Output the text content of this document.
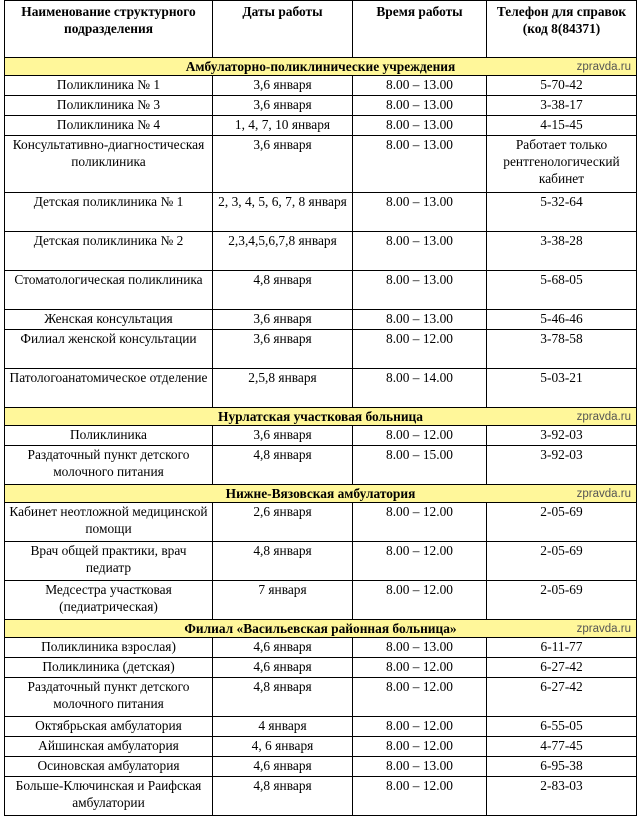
Наименование структурного подразделения	Даты работы	Время работы	Телефон для справок (код 8(84371)
Амбулаторно-поликлинические учреждения zpravda.ru			

Поликлиника № 1	3,6 января	8.00 – 13.00	5-70-42
Поликлиника № 3	3,6 января	8.00 – 13.00	3-38-17
Поликлиника № 4	1, 4, 7, 10 января	8.00 – 13.00	4-15-45
Консультативно-диагностическая поликлиника	3,6 января	8.00 – 13.00	Работает только рентгенологический кабинет
Детская поликлиника № 1	2, 3, 4, 5, 6, 7, 8 января	8.00 – 13.00	5-32-64
Детская поликлиника № 2	2,3,4,5,6,7,8 января	8.00 – 13.00	3-38-28
Стоматологическая поликлиника	4,8 января	8.00 – 13.00	5-68-05
Женская консультация	3,6 января	8.00 – 13.00	5-46-46
Филиал женской консультации	3,6 января	8.00 – 12.00	3-78-58
Патологоанатомическое отделение	2,5,8 января	8.00 – 14.00	5-03-21
Нурлатская участковая больница zpravda.ru			

Поликлиника	3,6 января	8.00 – 12.00	3-92-03
Раздаточный пункт детского молочного питания	4,8 января	8.00 – 15.00	3-92-03
Нижне-Вязовская амбулатория zpravda.ru			

Кабинет неотложной медицинской помощи	2,6 января	8.00 – 12.00	2-05-69
Врач общей практики, врач педиатр	4,8 января	8.00 – 12.00	2-05-69
Медсестра участковая (педиатрическая)	7 января	8.00 – 12.00	2-05-69
Филиал «Васильевская районная больница» zpravda.ru			

Поликлиника взрослая)	4,6 января	8.00 – 13.00	6-11-77
Поликлиника (детская)	4,6 января	8.00 – 12.00	6-27-42
Раздаточный пункт детского молочного питания	4,8 января	8.00 – 12.00	6-27-42
Октябрьская амбулатория	4 января	8.00 – 12.00	6-55-05
Айшинская амбулатория	4, 6 января	8.00 – 12.00	4-77-45
Осиновская амбулатория	4,6 января	8.00 – 13.00	6-95-38
Больше-Ключинская и Раифская амбулатории	4,8 января	8.00 – 12.00	2-83-03
